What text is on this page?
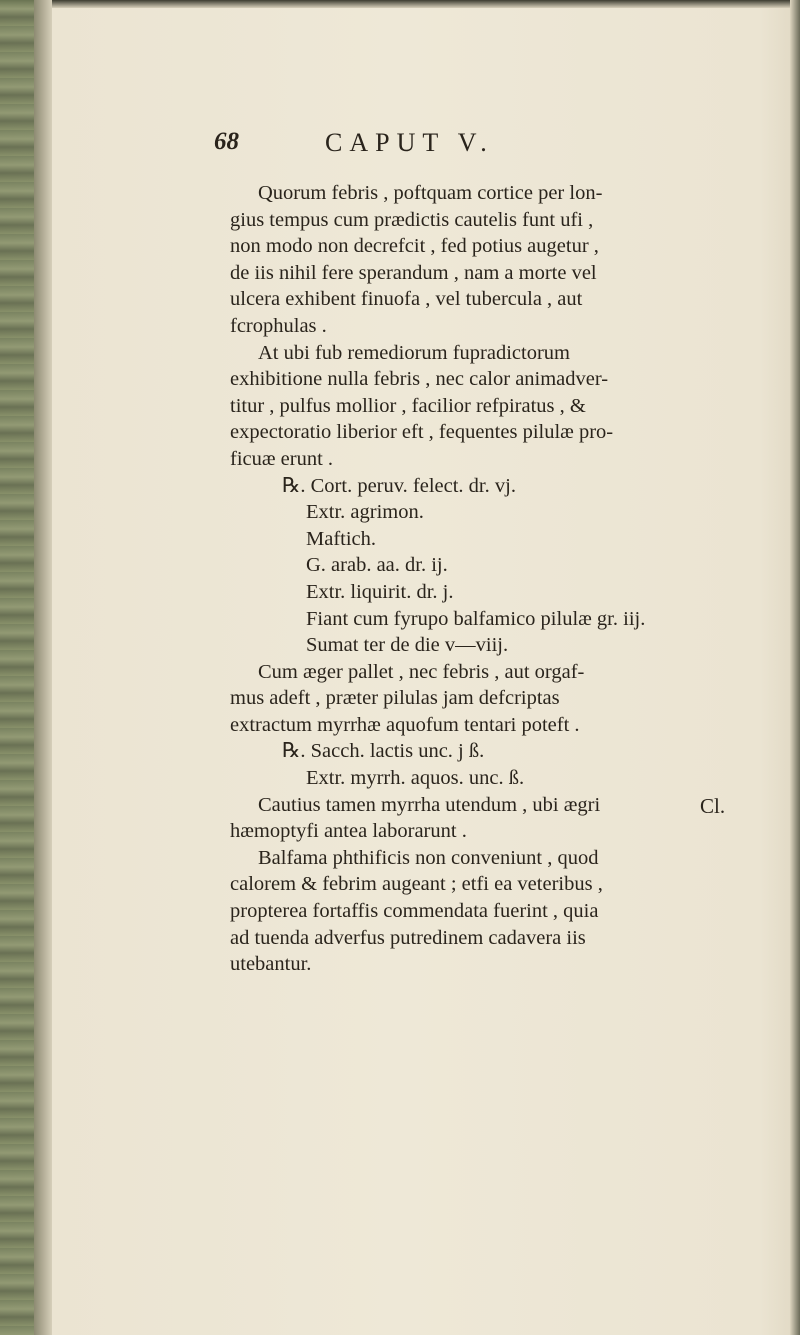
68	CAPUT V.
Quorum febris , poftquam cortice per lon-
gius tempus cum prædictis cautelis funt ufi ,
non modo non decrefcit , fed potius augetur ,
de iis nihil fere sperandum , nam a morte vel
ulcera exhibent finuofa , vel tubercula , aut
fcrophulas .
At ubi fub remediorum fupradictorum
exhibitione nulla febris , nec calor animadver-
titur , pulfus mollior , facilior refpiratus , &
expectoratio liberior eft , fequentes pilulæ pro-
ficuæ erunt .
℞. Cort. peruv. felect. dr. vj.
Extr. agrimon.
Maftich.
G. arab. aa. dr. ij.
Extr. liquirit. dr. j.
Fiant cum fyrupo balfamico pilulæ gr. iij.
Sumat ter de die v—viij.
Cum æger pallet , nec febris , aut orgaf-
mus adeft , præter pilulas jam defcriptas
extractum myrrhæ aquofum tentari poteft .
℞. Sacch. lactis unc. j ß.
Extr. myrrh. aquos. unc. ß.
Cautius tamen myrrha utendum , ubi ægri
hæmoptyfi antea laborarunt .
Balfama phthificis non conveniunt , quod
calorem & febrim augeant ; etfi ea veteribus ,
propterea fortaffis commendata fuerint , quia
ad tuenda adverfus putredinem cadavera iis
utebantur.
Cl.
